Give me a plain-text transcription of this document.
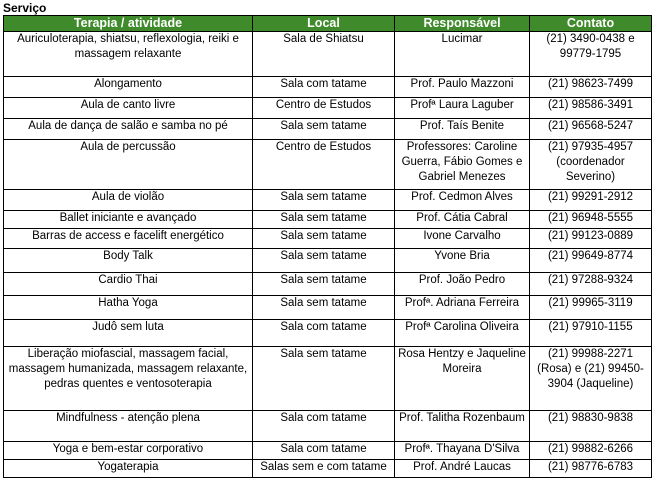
Serviço
Terapia / atividade	Local	Responsável	Contato
Auriculoterapia, shiatsu, reflexologia, reiki e massagem relaxante	Sala de Shiatsu	Lucimar	(21) 3490-0438 e 99779-1795
Alongamento	Sala com tatame	Prof. Paulo Mazzoni	(21) 98623-7499
Aula de canto livre	Centro de Estudos	Profª Laura Laguber	(21) 98586-3491
Aula de dança de salão e samba no pé	Sala sem tatame	Prof. Taís Benite	(21) 96568-5247
Aula de percussão	Centro de Estudos	Professores: Caroline Guerra, Fábio Gomes e Gabriel Menezes	(21) 97935-4957 (coordenador Severino)
Aula de violão	Sala sem tatame	Prof. Cedmon Alves	(21) 99291-2912
Ballet iniciante e avançado	Sala sem tatame	Prof. Cátia Cabral	(21) 96948-5555
Barras de access e facelift energético	Sala sem tatame	Ivone Carvalho	(21) 99123-0889
Body Talk	Sala sem tatame	Yvone Bria	(21) 99649-8774
Cardio Thai	Sala sem tatame	Prof. João Pedro	(21) 97288-9324
Hatha Yoga	Sala sem tatame	Profª. Adriana Ferreira	(21) 99965-3119
Judô sem luta	Sala com tatame	Profª Carolina Oliveira	(21) 97910-1155
Liberação miofascial, massagem facial, massagem humanizada, massagem relaxante, pedras quentes e ventosoterapia	Sala sem tatame	Rosa Hentzy e Jaqueline Moreira	(21) 99988-2271 (Rosa) e (21) 99450-3904 (Jaqueline)
Mindfulness - atenção plena	Sala com tatame	Prof. Talitha Rozenbaum	(21) 98830-9838
Yoga e bem-estar corporativo	Sala com tatame	Profª. Thayana D'Silva	(21) 99882-6266
Yogaterapia	Salas sem e com tatame	Prof. André Laucas	(21) 98776-6783
